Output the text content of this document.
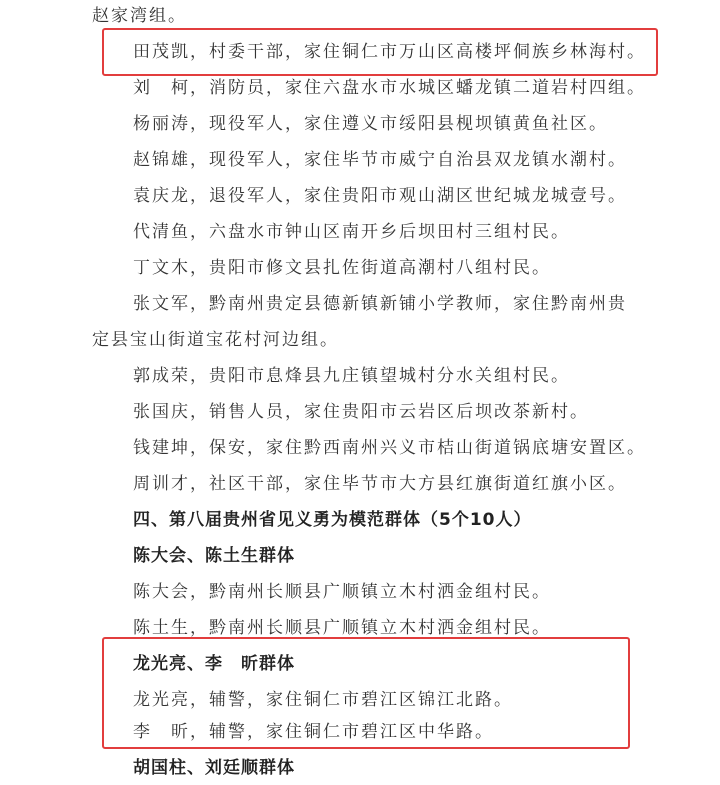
赵家湾组。
田茂凯，村委干部，家住铜仁市万山区高楼坪侗族乡林海村。
刘　柯，消防员，家住六盘水市水城区蟠龙镇二道岩村四组。
杨丽涛，现役军人，家住遵义市绥阳县枧坝镇黄鱼社区。
赵锦雄，现役军人，家住毕节市威宁自治县双龙镇水潮村。
袁庆龙，退役军人，家住贵阳市观山湖区世纪城龙城壹号。
代清鱼，六盘水市钟山区南开乡后坝田村三组村民。
丁文木，贵阳市修文县扎佐街道高潮村八组村民。
张文军，黔南州贵定县德新镇新铺小学教师，家住黔南州贵
定县宝山街道宝花村河边组。
郭成荣，贵阳市息烽县九庄镇望城村分水关组村民。
张国庆，销售人员，家住贵阳市云岩区后坝改茶新村。
钱建坤，保安，家住黔西南州兴义市桔山街道锅底塘安置区。
周训才，社区干部，家住毕节市大方县红旗街道红旗小区。
四、第八届贵州省见义勇为模范群体（5个10人）
陈大会、陈土生群体
陈大会，黔南州长顺县广顺镇立木村洒金组村民。
陈土生，黔南州长顺县广顺镇立木村洒金组村民。
龙光亮、李　昕群体
龙光亮，辅警，家住铜仁市碧江区锦江北路。
李　昕，辅警，家住铜仁市碧江区中华路。
胡国柱、刘廷顺群体
